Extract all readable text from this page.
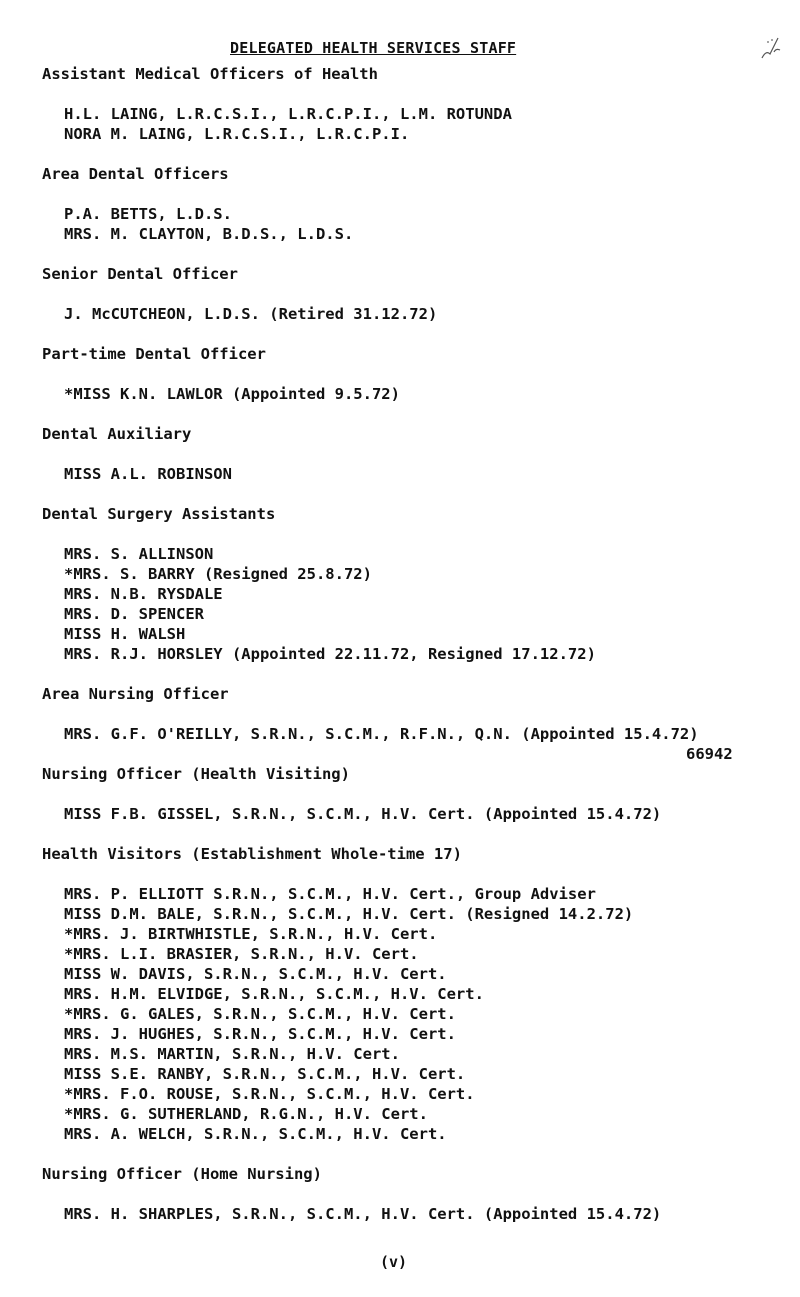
DELEGATED HEALTH SERVICES STAFF
Assistant Medical Officers of Health
H.L. LAING, L.R.C.S.I., L.R.C.P.I., L.M. ROTUNDA
NORA M. LAING, L.R.C.S.I., L.R.C.P.I.
Area Dental Officers
P.A. BETTS, L.D.S.
MRS. M. CLAYTON, B.D.S., L.D.S.
Senior Dental Officer
J. McCUTCHEON, L.D.S. (Retired 31.12.72)
Part-time Dental Officer
*MISS K.N. LAWLOR (Appointed 9.5.72)
Dental Auxiliary
MISS A.L. ROBINSON
Dental Surgery Assistants
MRS. S. ALLINSON
*MRS. S. BARRY (Resigned 25.8.72)
MRS. N.B. RYSDALE
MRS. D. SPENCER
MISS H. WALSH
MRS. R.J. HORSLEY (Appointed 22.11.72, Resigned 17.12.72)
Area Nursing Officer
MRS. G.F. O'REILLY, S.R.N., S.C.M., R.F.N., Q.N. (Appointed 15.4.72)
66942
Nursing Officer (Health Visiting)
MISS F.B. GISSEL, S.R.N., S.C.M., H.V. Cert. (Appointed 15.4.72)
Health Visitors (Establishment Whole-time 17)
MRS. P. ELLIOTT S.R.N., S.C.M., H.V. Cert., Group Adviser
MISS D.M. BALE, S.R.N., S.C.M., H.V. Cert. (Resigned 14.2.72)
*MRS. J. BIRTWHISTLE, S.R.N., H.V. Cert.
*MRS. L.I. BRASIER, S.R.N., H.V. Cert.
MISS W. DAVIS, S.R.N., S.C.M., H.V. Cert.
MRS. H.M. ELVIDGE, S.R.N., S.C.M., H.V. Cert.
*MRS. G. GALES, S.R.N., S.C.M., H.V. Cert.
MRS. J. HUGHES, S.R.N., S.C.M., H.V. Cert.
MRS. M.S. MARTIN, S.R.N., H.V. Cert.
MISS S.E. RANBY, S.R.N., S.C.M., H.V. Cert.
*MRS. F.O. ROUSE, S.R.N., S.C.M., H.V. Cert.
*MRS. G. SUTHERLAND, R.G.N., H.V. Cert.
MRS. A. WELCH, S.R.N., S.C.M., H.V. Cert.
Nursing Officer (Home Nursing)
MRS. H. SHARPLES, S.R.N., S.C.M., H.V. Cert. (Appointed 15.4.72)
(v)
